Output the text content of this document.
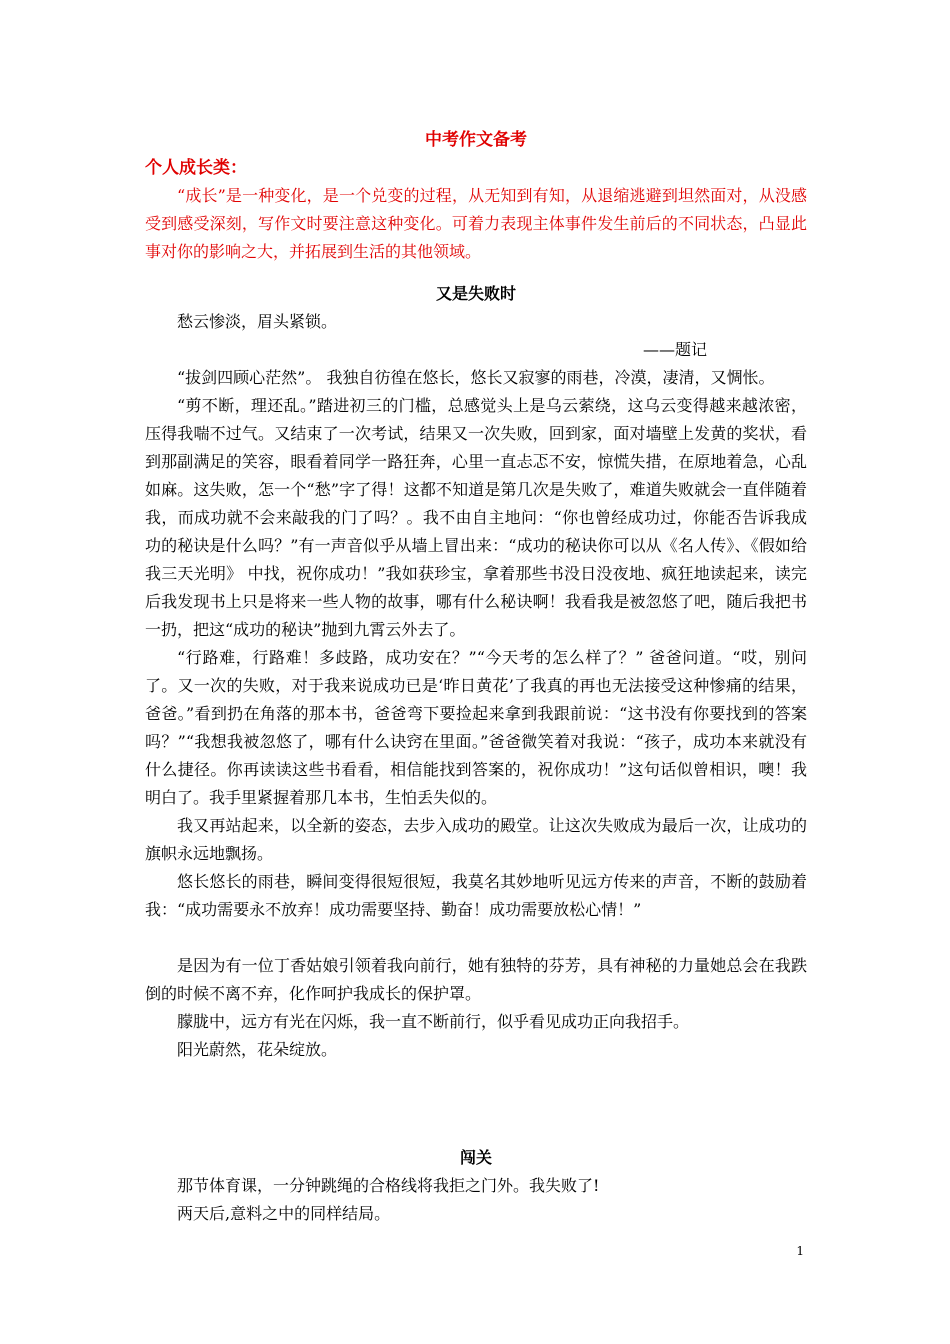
中考作文备考

个人成长类：

“成长”是一种变化，是一个兑变的过程，从无知到有知，从退缩逃避到坦然面对，从没感受到感受深刻，写作文时要注意这种变化。可着力表现主体事件发生前后的不同状态，凸显此事对你的影响之大，并拓展到生活的其他领域。

又是失败时

愁云惨淡，眉头紧锁。

——题记

“拔剑四顾心茫然”。 我独自彷徨在悠长，悠长又寂寥的雨巷，冷漠，凄清，又惆怅。

“剪不断，理还乱。”踏进初三的门槛，总感觉头上是乌云萦绕，这乌云变得越来越浓密，压得我喘不过气。又结束了一次考试，结果又一次失败，回到家，面对墙壁上发黄的奖状，看到那副满足的笑容，眼看着同学一路狂奔，心里一直忐忑不安，惊慌失措，在原地着急，心乱如麻。这失败，怎一个“愁”字了得！这都不知道是第几次是失败了，难道失败就会一直伴随着我，而成功就不会来敲我的门了吗？。我不由自主地问：“你也曾经成功过，你能否告诉我成功的秘诀是什么吗？”有一声音似乎从墙上冒出来：“成功的秘诀你可以从《名人传》、《假如给我三天光明》 中找，祝你成功！”我如获珍宝，拿着那些书没日没夜地、疯狂地读起来，读完后我发现书上只是将来一些人物的故事，哪有什么秘诀啊！我看我是被忽悠了吧，随后我把书一扔，把这“成功的秘诀”抛到九霄云外去了。

“行路难，行路难！多歧路，成功安在？”“今天考的怎么样了？” 爸爸问道。“哎，别问了。又一次的失败，对于我来说成功已是‘昨日黄花’了我真的再也无法接受这种惨痛的结果，爸爸。”看到扔在角落的那本书，爸爸弯下要捡起来拿到我跟前说：“这书没有你要找到的答案吗？”“我想我被忽悠了，哪有什么诀窍在里面。”爸爸微笑着对我说：“孩子，成功本来就没有什么捷径。你再读读这些书看看，相信能找到答案的，祝你成功！”这句话似曾相识，噢！我明白了。我手里紧握着那几本书，生怕丢失似的。

我又再站起来，以全新的姿态，去步入成功的殿堂。让这次失败成为最后一次，让成功的旗帜永远地飘扬。

悠长悠长的雨巷，瞬间变得很短很短，我莫名其妙地听见远方传来的声音，不断的鼓励着我：“成功需要永不放弃！成功需要坚持、勤奋！成功需要放松心情！”

是因为有一位丁香姑娘引领着我向前行，她有独特的芬芳，具有神秘的力量她总会在我跌倒的时候不离不弃，化作呵护我成长的保护罩。

朦胧中，远方有光在闪烁，我一直不断前行，似乎看见成功正向我招手。

阳光蔚然，花朵绽放。

闯关

那节体育课，一分钟跳绳的合格线将我拒之门外。我失败了!

两天后,意料之中的同样结局。

1
